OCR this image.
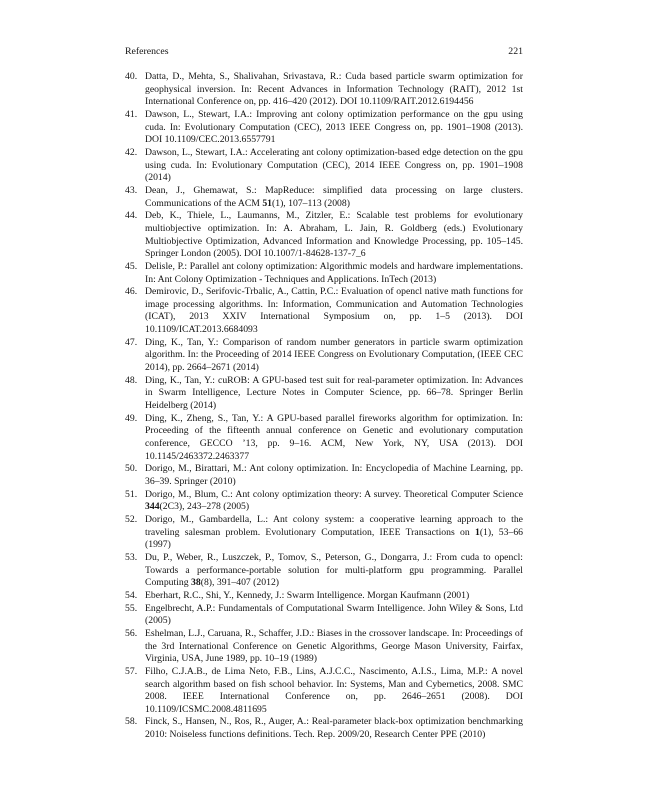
References	221
40. Datta, D., Mehta, S., Shalivahan, Srivastava, R.: Cuda based particle swarm optimization for geophysical inversion. In: Recent Advances in Information Technology (RAIT), 2012 1st International Conference on, pp. 416–420 (2012). DOI 10.1109/RAIT.2012.6194456
41. Dawson, L., Stewart, I.A.: Improving ant colony optimization performance on the gpu using cuda. In: Evolutionary Computation (CEC), 2013 IEEE Congress on, pp. 1901–1908 (2013). DOI 10.1109/CEC.2013.6557791
42. Dawson, L., Stewart, I.A.: Accelerating ant colony optimization-based edge detection on the gpu using cuda. In: Evolutionary Computation (CEC), 2014 IEEE Congress on, pp. 1901–1908 (2014)
43. Dean, J., Ghemawat, S.: MapReduce: simplified data processing on large clusters. Communications of the ACM 51(1), 107–113 (2008)
44. Deb, K., Thiele, L., Laumanns, M., Zitzler, E.: Scalable test problems for evolutionary multiobjective optimization. In: A. Abraham, L. Jain, R. Goldberg (eds.) Evolutionary Multiobjective Optimization, Advanced Information and Knowledge Processing, pp. 105–145. Springer London (2005). DOI 10.1007/1-84628-137-7_6
45. Delisle, P.: Parallel ant colony optimization: Algorithmic models and hardware implementations. In: Ant Colony Optimization - Techniques and Applications. InTech (2013)
46. Demirovic, D., Serifovic-Trbalic, A., Cattin, P.C.: Evaluation of opencl native math functions for image processing algorithms. In: Information, Communication and Automation Technologies (ICAT), 2013 XXIV International Symposium on, pp. 1–5 (2013). DOI 10.1109/ICAT.2013.6684093
47. Ding, K., Tan, Y.: Comparison of random number generators in particle swarm optimization algorithm. In: the Proceeding of 2014 IEEE Congress on Evolutionary Computation, (IEEE CEC 2014), pp. 2664–2671 (2014)
48. Ding, K., Tan, Y.: cuROB: A GPU-based test suit for real-parameter optimization. In: Advances in Swarm Intelligence, Lecture Notes in Computer Science, pp. 66–78. Springer Berlin Heidelberg (2014)
49. Ding, K., Zheng, S., Tan, Y.: A GPU-based parallel fireworks algorithm for optimization. In: Proceeding of the fifteenth annual conference on Genetic and evolutionary computation conference, GECCO ’13, pp. 9–16. ACM, New York, NY, USA (2013). DOI 10.1145/2463372.2463377
50. Dorigo, M., Birattari, M.: Ant colony optimization. In: Encyclopedia of Machine Learning, pp. 36–39. Springer (2010)
51. Dorigo, M., Blum, C.: Ant colony optimization theory: A survey. Theoretical Computer Science 344(2C3), 243–278 (2005)
52. Dorigo, M., Gambardella, L.: Ant colony system: a cooperative learning approach to the traveling salesman problem. Evolutionary Computation, IEEE Transactions on 1(1), 53–66 (1997)
53. Du, P., Weber, R., Luszczek, P., Tomov, S., Peterson, G., Dongarra, J.: From cuda to opencl: Towards a performance-portable solution for multi-platform gpu programming. Parallel Computing 38(8), 391–407 (2012)
54. Eberhart, R.C., Shi, Y., Kennedy, J.: Swarm Intelligence. Morgan Kaufmann (2001)
55. Engelbrecht, A.P.: Fundamentals of Computational Swarm Intelligence. John Wiley & Sons, Ltd (2005)
56. Eshelman, L.J., Caruana, R., Schaffer, J.D.: Biases in the crossover landscape. In: Proceedings of the 3rd International Conference on Genetic Algorithms, George Mason University, Fairfax, Virginia, USA, June 1989, pp. 10–19 (1989)
57. Filho, C.J.A.B., de Lima Neto, F.B., Lins, A.J.C.C., Nascimento, A.I.S., Lima, M.P.: A novel search algorithm based on fish school behavior. In: Systems, Man and Cybernetics, 2008. SMC 2008. IEEE International Conference on, pp. 2646–2651 (2008). DOI 10.1109/ICSMC.2008.4811695
58. Finck, S., Hansen, N., Ros, R., Auger, A.: Real-parameter black-box optimization benchmarking 2010: Noiseless functions definitions. Tech. Rep. 2009/20, Research Center PPE (2010)
